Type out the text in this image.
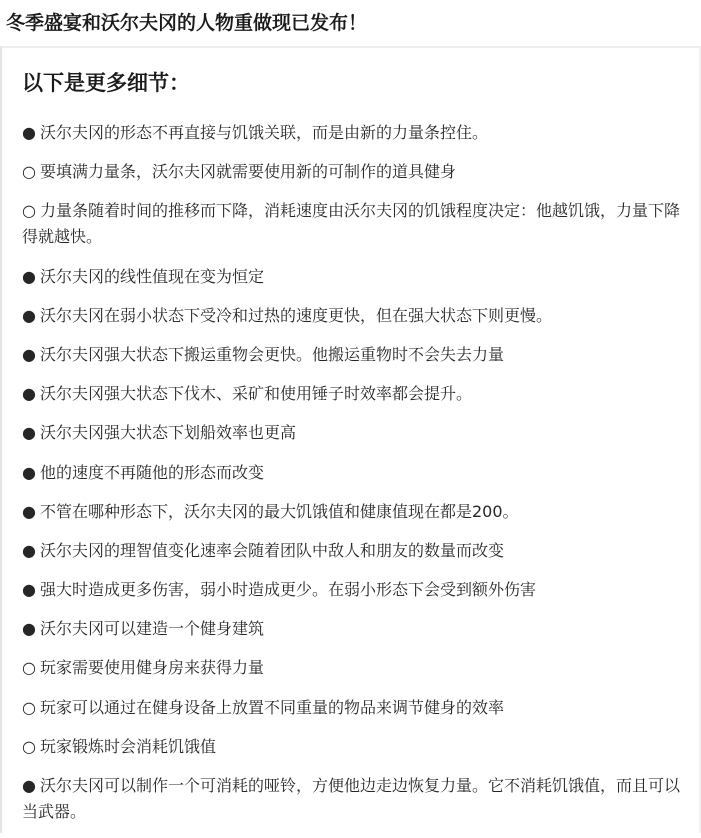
冬季盛宴和沃尔夫冈的人物重做现已发布！
以下是更多细节：
● 沃尔夫冈的形态不再直接与饥饿关联，而是由新的力量条控住。
○ 要填满力量条，沃尔夫冈就需要使用新的可制作的道具健身
○ 力量条随着时间的推移而下降，消耗速度由沃尔夫冈的饥饿程度决定：他越饥饿，力量下降得就越快。
● 沃尔夫冈的线性值现在变为恒定
● 沃尔夫冈在弱小状态下受冷和过热的速度更快，但在强大状态下则更慢。
● 沃尔夫冈强大状态下搬运重物会更快。他搬运重物时不会失去力量
● 沃尔夫冈强大状态下伐木、采矿和使用锤子时效率都会提升。
● 沃尔夫冈强大状态下划船效率也更高
● 他的速度不再随他的形态而改变
● 不管在哪种形态下，沃尔夫冈的最大饥饿值和健康值现在都是200。
● 沃尔夫冈的理智值变化速率会随着团队中敌人和朋友的数量而改变
● 强大时造成更多伤害，弱小时造成更少。在弱小形态下会受到额外伤害
● 沃尔夫冈可以建造一个健身建筑
○ 玩家需要使用健身房来获得力量
○ 玩家可以通过在健身设备上放置不同重量的物品来调节健身的效率
○ 玩家锻炼时会消耗饥饿值
● 沃尔夫冈可以制作一个可消耗的哑铃，方便他边走边恢复力量。它不消耗饥饿值，而且可以当武器。
